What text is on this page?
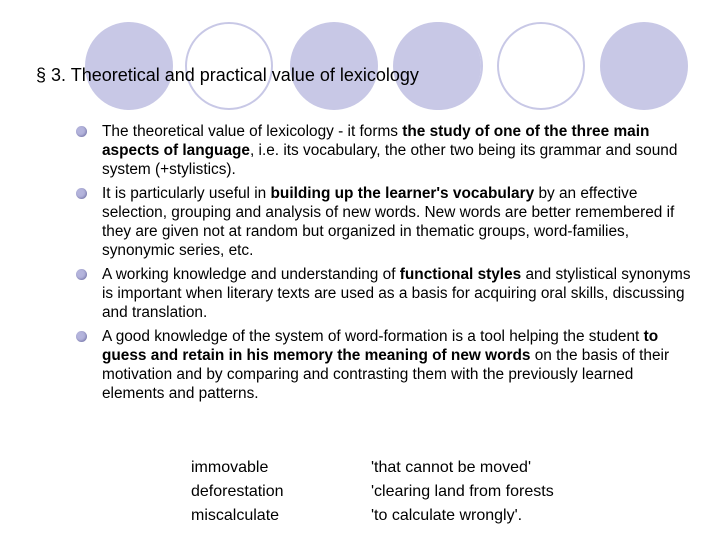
§ 3. Theoretical and practical value of lexicology
The theoretical value of lexicology - it forms the study of one of the three main aspects of language, i.e. its vocabulary, the other two being its grammar and sound system (+stylistics).
It is particularly useful in building up the learner's vocabulary by an effective selection, grouping and analysis of new words. New words are better remembered if they are given not at random but organized in thematic groups, word-families, synonymic series, etc.
A working knowledge and understanding of functional styles and stylistical synonyms is important when literary texts are used as a basis for acquiring oral skills, discussing and translation.
A good knowledge of the system of word-formation is a tool helping the student to guess and retain in his memory the meaning of new words on the basis of their motivation and by comparing and contrasting them with the previously learned elements and patterns.
immovable	'that cannot be moved'
deforestation	'clearing land from forests
miscalculate	'to calculate wrongly'.
